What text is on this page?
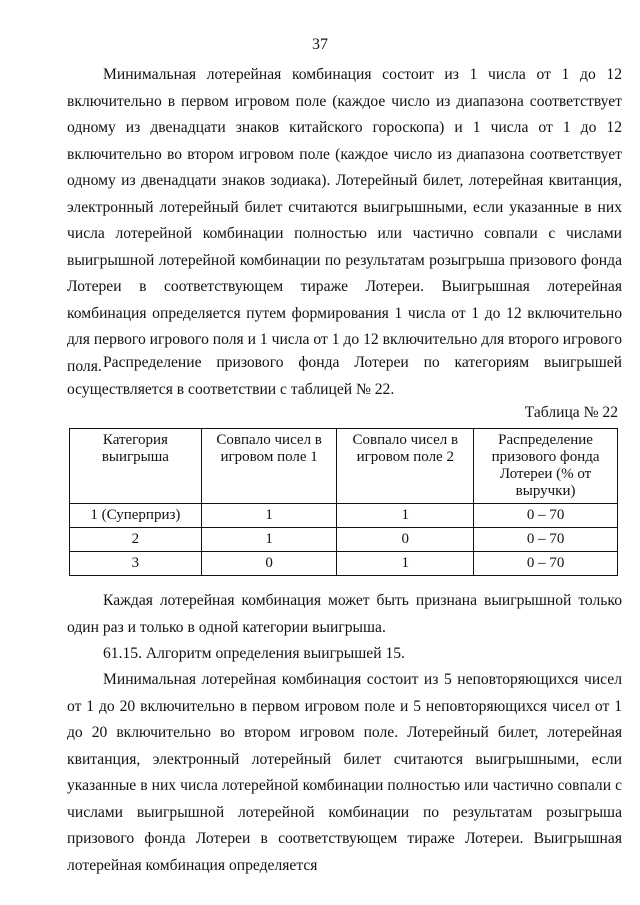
37

Минимальная лотерейная комбинация состоит из 1 числа от 1 до 12 включительно в первом игровом поле (каждое число из диапазона соответствует одному из двенадцати знаков китайского гороскопа) и 1 числа от 1 до 12 включительно во втором игровом поле (каждое число из диапазона соответствует одному из двенадцати знаков зодиака). Лотерейный билет, лотерейная квитанция, электронный лотерейный билет считаются выигрышными, если указанные в них числа лотерейной комбинации полностью или частично совпали с числами выигрышной лотерейной комбинации по результатам розыгрыша призового фонда Лотереи в соответствующем тираже Лотереи. Выигрышная лотерейная комбинация определяется путем формирования 1 числа от 1 до 12 включительно для первого игрового поля и 1 числа от 1 до 12 включительно для второго игрового поля. Распределение призового фонда Лотереи по категориям выигрышей осуществляется в соответствии с таблицей № 22.

Таблица № 22
Категория выигрыша	Совпало чисел в игровом поле 1	Совпало чисел в игровом поле 2	Распределение призового фонда Лотереи (% от выручки)
1 (Суперприз)	1	1	0 – 70
2	1	0	0 – 70
3	0	1	0 – 70

Каждая лотерейная комбинация может быть признана выигрышной только один раз и только в одной категории выигрыша.

61.15. Алгоритм определения выигрышей 15.

Минимальная лотерейная комбинация состоит из 5 неповторяющихся чисел от 1 до 20 включительно в первом игровом поле и 5 неповторяющихся чисел от 1 до 20 включительно во втором игровом поле. Лотерейный билет, лотерейная квитанция, электронный лотерейный билет считаются выигрышными, если указанные в них числа лотерейной комбинации полностью или частично совпали с числами выигрышной лотерейной комбинации по результатам розыгрыша призового фонда Лотереи в соответствующем тираже Лотереи. Выигрышная лотерейная комбинация определяется
